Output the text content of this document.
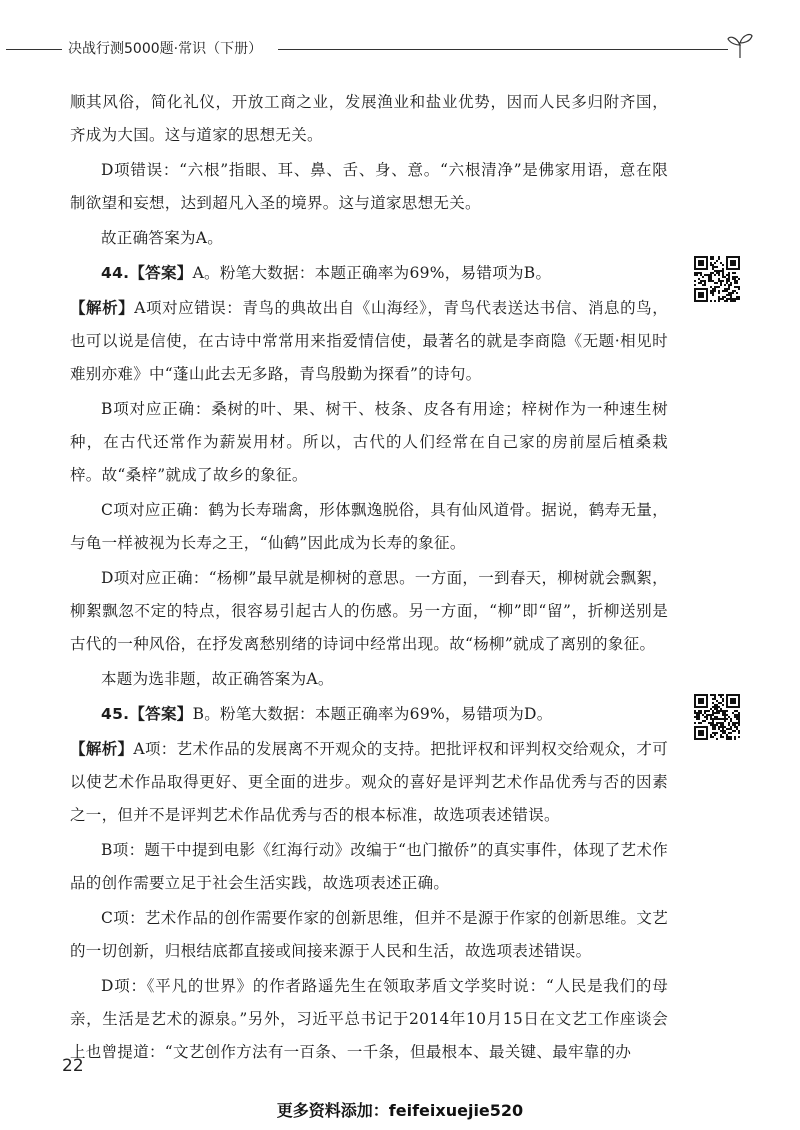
决战行测5000题·常识（下册）

顺其风俗，简化礼仪，开放工商之业，发展渔业和盐业优势，因而人民多归附齐国，齐成为大国。这与道家的思想无关。

D项错误：“六根”指眼、耳、鼻、舌、身、意。“六根清净”是佛家用语，意在限制欲望和妄想，达到超凡入圣的境界。这与道家思想无关。

故正确答案为A。

44.【答案】A。粉笔大数据：本题正确率为69%，易错项为B。

【解析】A项对应错误：青鸟的典故出自《山海经》，青鸟代表送达书信、消息的鸟，也可以说是信使，在古诗中常常用来指爱情信使，最著名的就是李商隐《无题·相见时难别亦难》中“蓬山此去无多路，青鸟殷勤为探看”的诗句。

B项对应正确：桑树的叶、果、树干、枝条、皮各有用途；梓树作为一种速生树种，在古代还常作为薪炭用材。所以，古代的人们经常在自己家的房前屋后植桑栽梓。故“桑梓”就成了故乡的象征。

C项对应正确：鹤为长寿瑞禽，形体飘逸脱俗，具有仙风道骨。据说，鹤寿无量，与龟一样被视为长寿之王，“仙鹤”因此成为长寿的象征。

D项对应正确：“杨柳”最早就是柳树的意思。一方面，一到春天，柳树就会飘絮，柳絮飘忽不定的特点，很容易引起古人的伤感。另一方面，“柳”即“留”，折柳送别是古代的一种风俗，在抒发离愁别绪的诗词中经常出现。故“杨柳”就成了离别的象征。

本题为选非题，故正确答案为A。

45.【答案】B。粉笔大数据：本题正确率为69%，易错项为D。

【解析】A项：艺术作品的发展离不开观众的支持。把批评权和评判权交给观众，才可以使艺术作品取得更好、更全面的进步。观众的喜好是评判艺术作品优秀与否的因素之一，但并不是评判艺术作品优秀与否的根本标准，故选项表述错误。

B项：题干中提到电影《红海行动》改编于“也门撤侨”的真实事件，体现了艺术作品的创作需要立足于社会生活实践，故选项表述正确。

C项：艺术作品的创作需要作家的创新思维，但并不是源于作家的创新思维。文艺的一切创新，归根结底都直接或间接来源于人民和生活，故选项表述错误。

D项：《平凡的世界》的作者路遥先生在领取茅盾文学奖时说：“人民是我们的母亲，生活是艺术的源泉。”另外，习近平总书记于2014年10月15日在文艺工作座谈会上也曾提道：“文艺创作方法有一百条、一千条，但最根本、最关键、最牢靠的办

22
更多资料添加：feifeixuejie520
